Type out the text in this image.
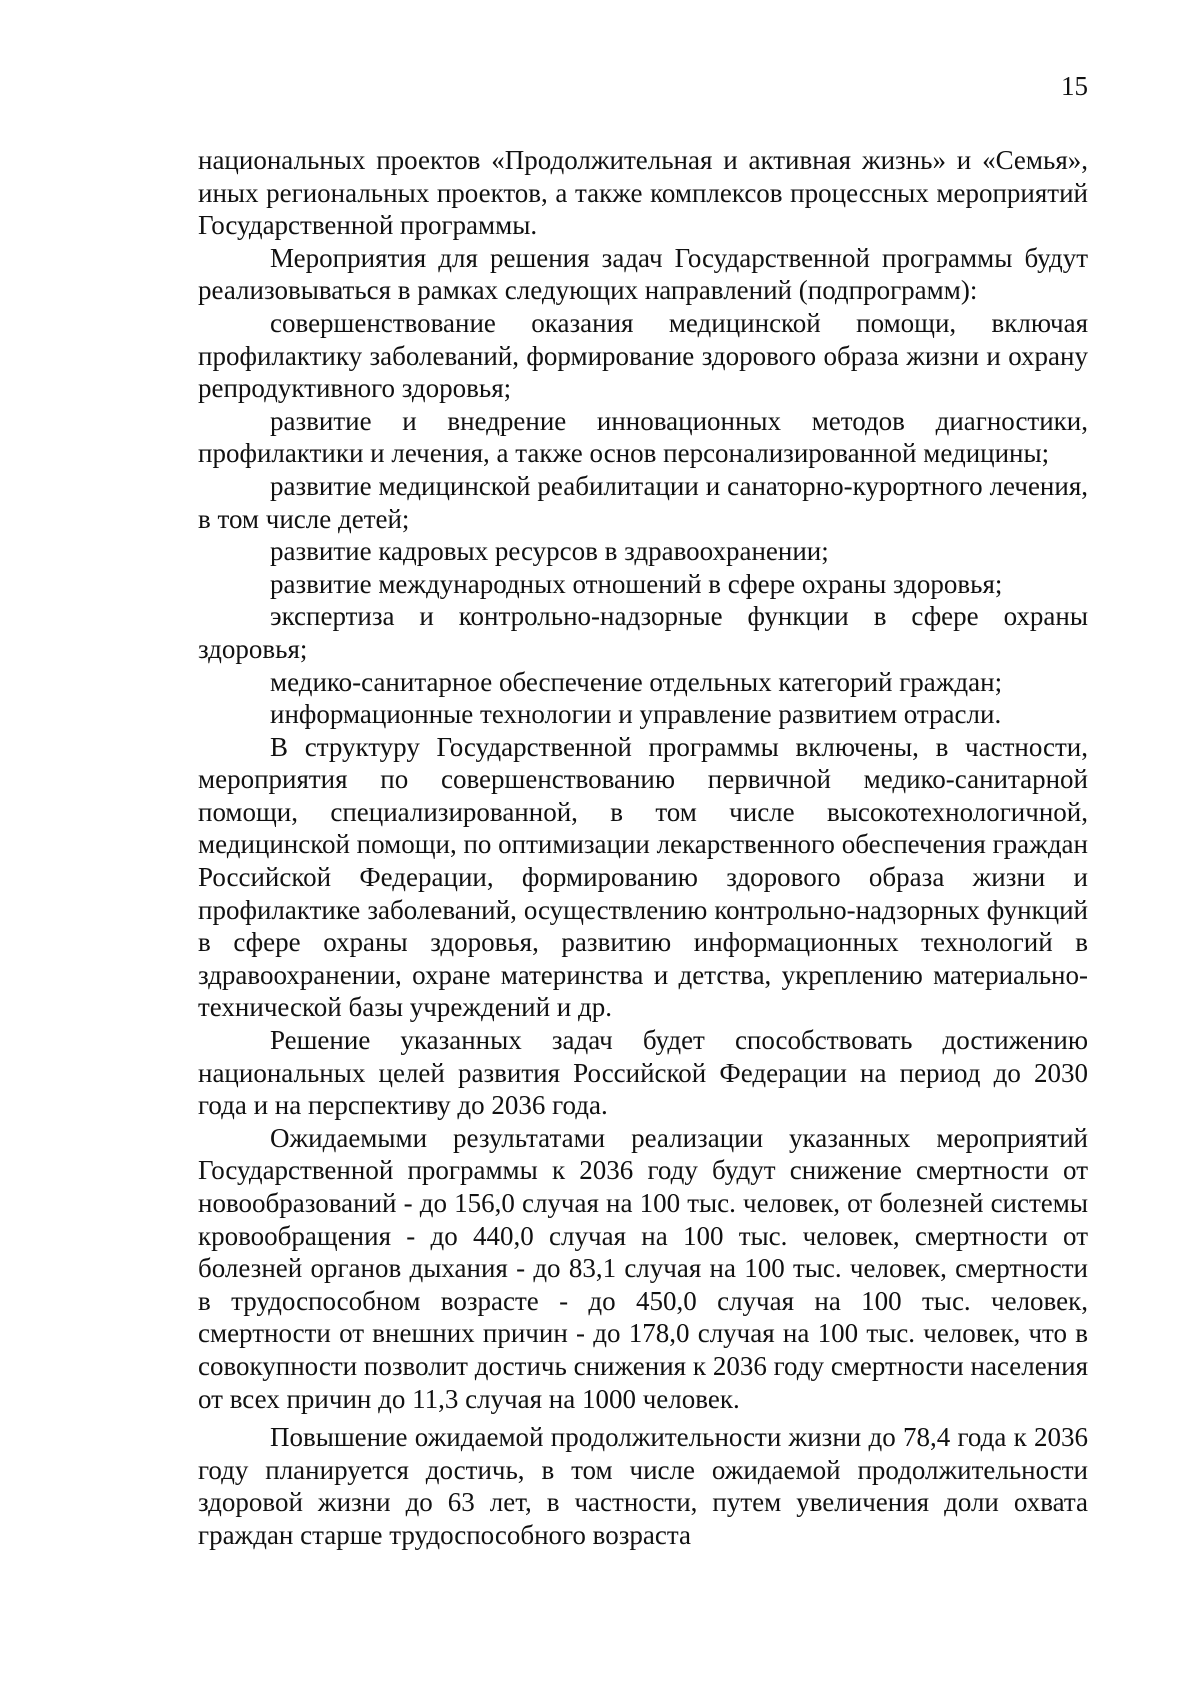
15

национальных проектов «Продолжительная и активная жизнь» и «Семья», иных региональных проектов, а также комплексов процессных мероприятий Государственной программы.

Мероприятия для решения задач Государственной программы будут реализовываться в рамках следующих направлений (подпрограмм):

совершенствование оказания медицинской помощи, включая профилактику заболеваний, формирование здорового образа жизни и охрану репродуктивного здоровья;

развитие и внедрение инновационных методов диагностики, профилактики и лечения, а также основ персонализированной медицины;

развитие медицинской реабилитации и санаторно-курортного лечения, в том числе детей;

развитие кадровых ресурсов в здравоохранении;

развитие международных отношений в сфере охраны здоровья;

экспертиза и контрольно-надзорные функции в сфере охраны здоровья;

медико-санитарное обеспечение отдельных категорий граждан;

информационные технологии и управление развитием отрасли.

В структуру Государственной программы включены, в частности, мероприятия по совершенствованию первичной медико-санитарной помощи, специализированной, в том числе высокотехнологичной, медицинской помощи, по оптимизации лекарственного обеспечения граждан Российской Федерации, формированию здорового образа жизни и профилактике заболеваний, осуществлению контрольно-надзорных функций в сфере охраны здоровья, развитию информационных технологий в здравоохранении, охране материнства и детства, укреплению материально-технической базы учреждений и др.

Решение указанных задач будет способствовать достижению национальных целей развития Российской Федерации на период до 2030 года и на перспективу до 2036 года.

Ожидаемыми результатами реализации указанных мероприятий Государственной программы к 2036 году будут снижение смертности от новообразований - до 156,0 случая на 100 тыс. человек, от болезней системы кровообращения - до 440,0 случая на 100 тыс. человек, смертности от болезней органов дыхания - до 83,1 случая на 100 тыс. человек, смертности в трудоспособном возрасте - до 450,0 случая на 100 тыс. человек, смертности от внешних причин - до 178,0 случая на 100 тыс. человек, что в совокупности позволит достичь снижения к 2036 году смертности населения от всех причин до 11,3 случая на 1000 человек.

Повышение ожидаемой продолжительности жизни до 78,4 года к 2036 году планируется достичь, в том числе ожидаемой продолжительности здоровой жизни до 63 лет, в частности, путем увеличения доли охвата граждан старше трудоспособного возраста
